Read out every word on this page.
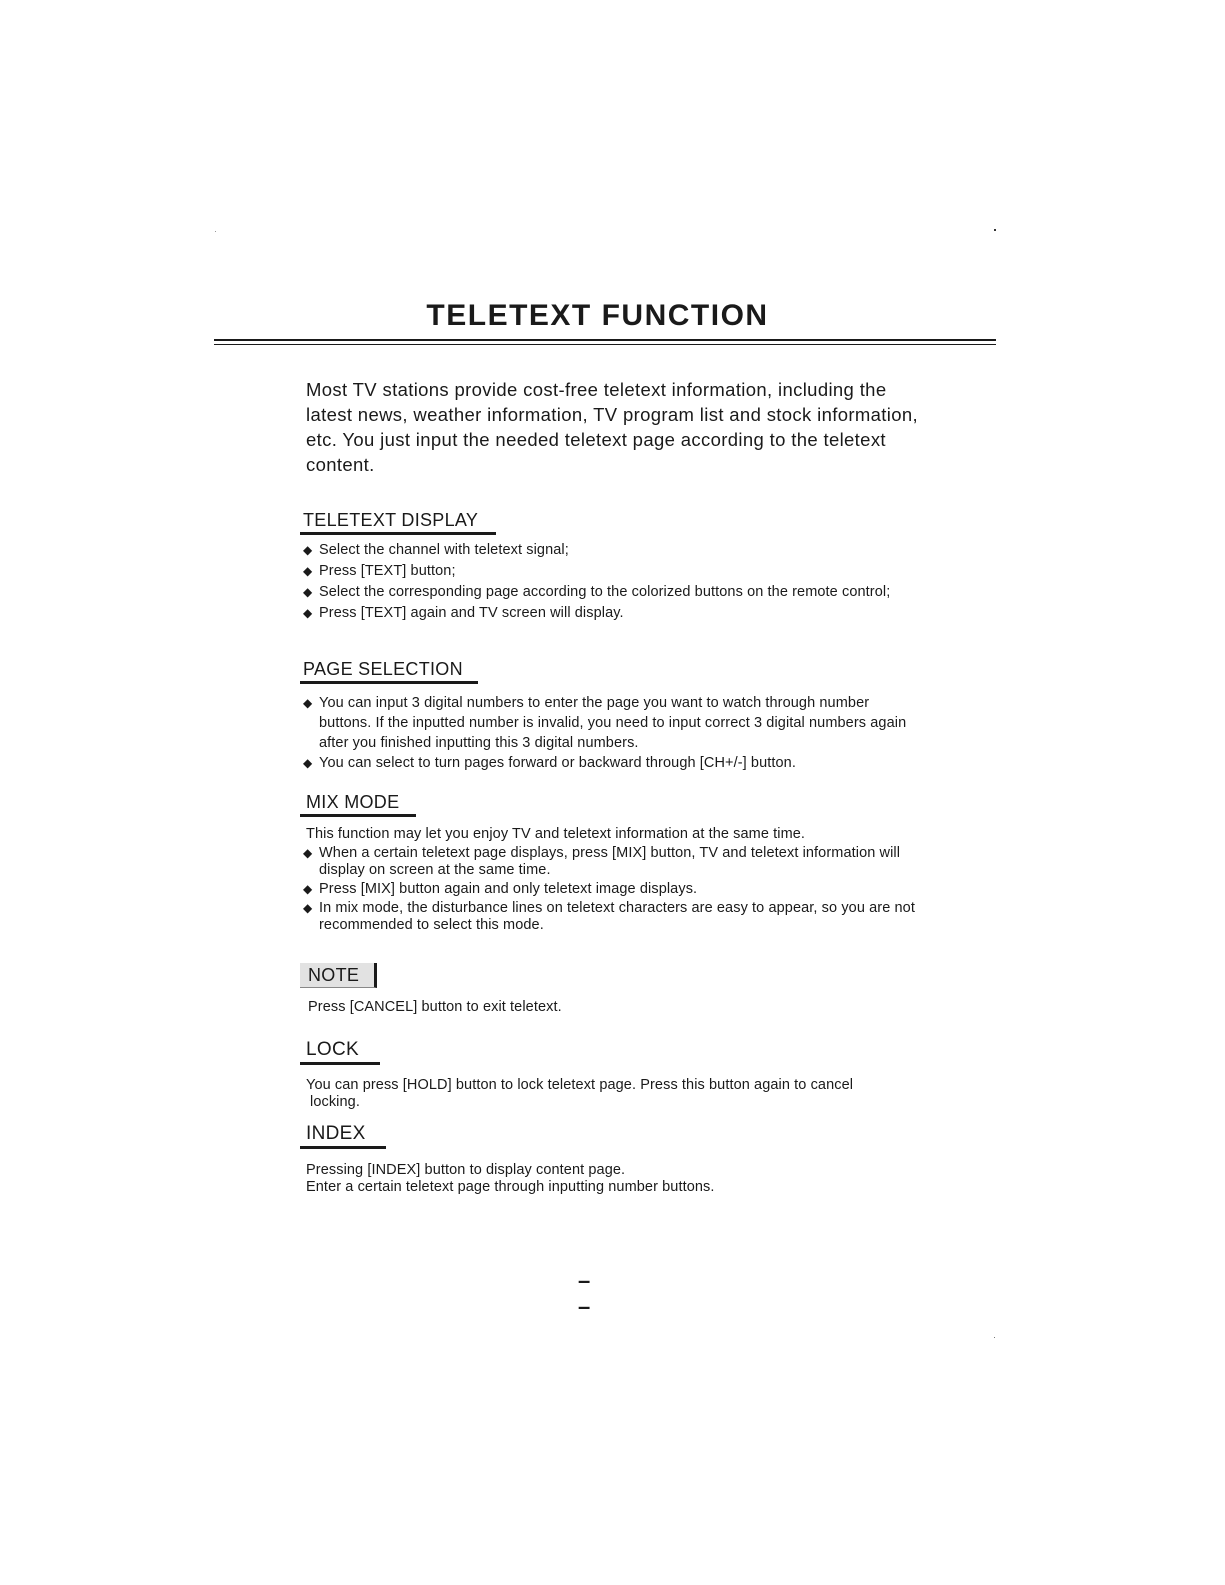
TELETEXT FUNCTION

Most TV stations provide cost-free teletext information, including the
latest news, weather information, TV program list and stock information,
etc. You just input the needed teletext page according to the teletext
content.

TELETEXT DISPLAY
◆ Select the channel with teletext signal;
◆ Press [TEXT] button;
◆ Select the corresponding page according to the colorized buttons on the remote control;
◆ Press [TEXT] again and TV screen will display.
PAGE SELECTION
◆ You can input 3 digital numbers to enter the page you want to watch through number buttons. If the inputted number is invalid, you need to input correct 3 digital numbers again after you finished inputting this 3 digital numbers.
◆ You can select to turn pages forward or backward through [CH+/-] button.
MIX MODE

This function may let you enjoy TV and teletext information at the same time.

◆ When a certain teletext page displays, press [MIX] button, TV and teletext information will display on screen at the same time.
◆ Press [MIX] button again and only teletext image displays.
◆ In mix mode, the disturbance lines on teletext characters are easy to appear, so you are not recommended to select this mode.
NOTE

Press [CANCEL] button to exit teletext.

LOCK

You can press [HOLD] button to lock teletext page. Press this button again to cancel
locking.

INDEX

Pressing [INDEX] button to display content page.
Enter a certain teletext page through inputting number buttons.

– –
